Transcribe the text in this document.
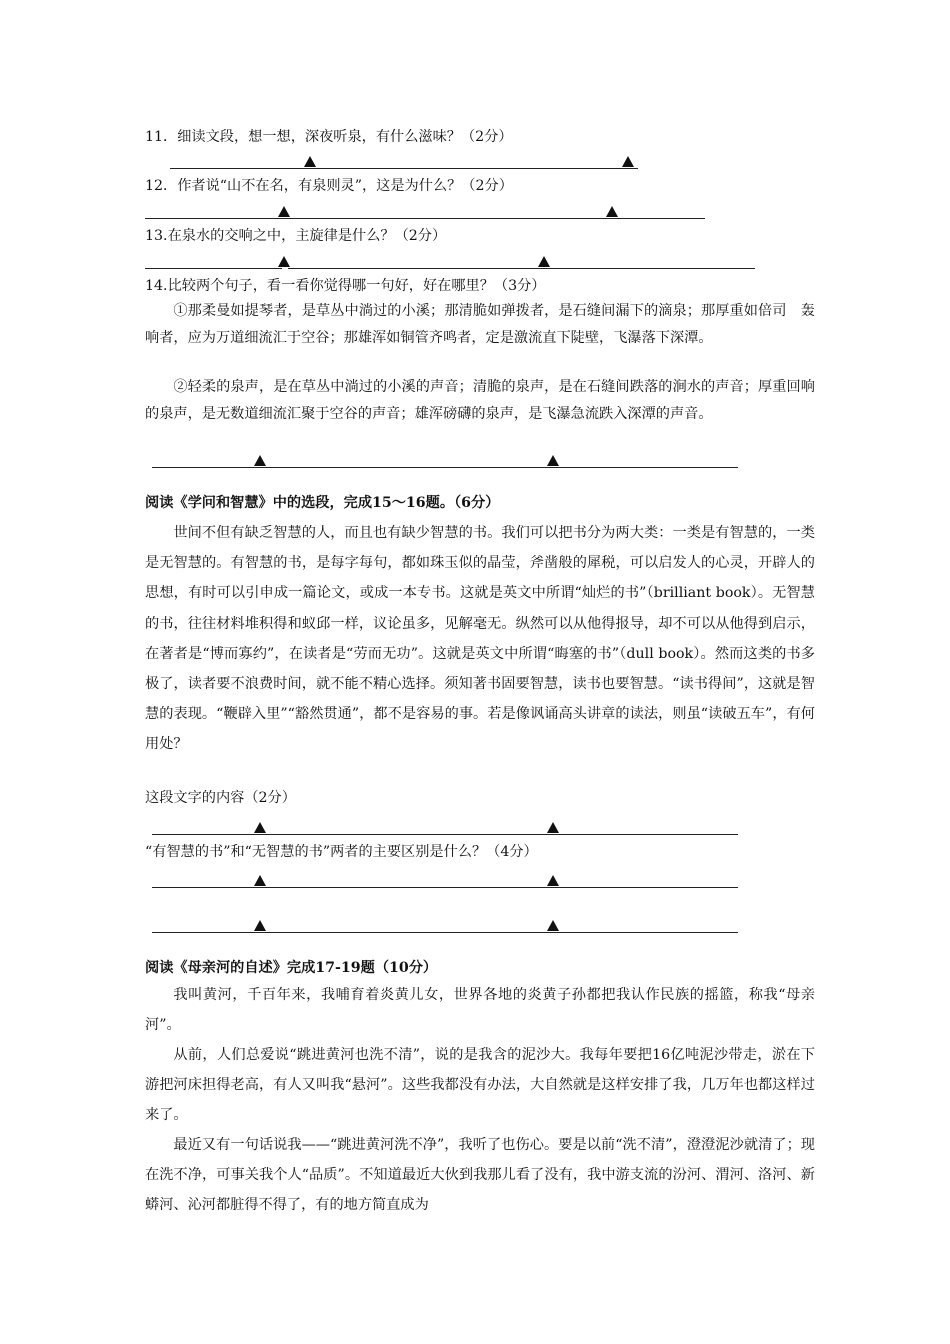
11．细读文段，想一想，深夜听泉，有什么滋味？（2分）
12．作者说“山不在名，有泉则灵”，这是为什么？（2分）
13.在泉水的交响之中，主旋律是什么？（2分）
14.比较两个句子，看一看你觉得哪一句好，好在哪里？（3分）
①那柔曼如提琴者，是草丛中淌过的小溪；那清脆如弹拨者，是石缝间漏下的滴泉；那厚重如倍司　轰响者，应为万道细流汇于空谷；那雄浑如铜管齐鸣者，定是激流直下陡壁，飞瀑落下深潭。
②轻柔的泉声，是在草丛中淌过的小溪的声音；清脆的泉声，是在石缝间跌落的涧水的声音；厚重回响的泉声，是无数道细流汇聚于空谷的声音；雄浑磅礴的泉声，是飞瀑急流跌入深潭的声音。
阅读《学问和智慧》中的选段，完成15～16题。（6分）
世间不但有缺乏智慧的人，而且也有缺少智慧的书。我们可以把书分为两大类：一类是有智慧的，一类是无智慧的。有智慧的书，是每字每句，都如珠玉似的晶莹，斧凿般的犀税，可以启发人的心灵，开辟人的思想，有时可以引申成一篇论文，或成一本专书。这就是英文中所谓“灿烂的书”（brilliant book）。无智慧的书，往往材料堆积得和蚁邱一样，议论虽多，见解毫无。纵然可以从他得报导，却不可以从他得到启示，在著者是“博而寡约”，在读者是“劳而无功”。这就是英文中所谓“晦塞的书”（dull book）。然而这类的书多极了，读者要不浪费时间，就不能不精心选择。须知著书固要智慧，读书也要智慧。“读书得间”，这就是智慧的表现。“鞭辟入里”“豁然贯通”，都不是容易的事。若是像讽诵高头讲章的读法，则虽“读破五车”，有何用处？
这段文字的内容（2分）
“有智慧的书”和“无智慧的书”两者的主要区别是什么？（4分）
阅读《母亲河的自述》完成17-19题（10分）
我叫黄河，千百年来，我哺育着炎黄儿女，世界各地的炎黄子孙都把我认作民族的摇篮，称我“母亲河”。
从前，人们总爱说“跳进黄河也洗不清”，说的是我含的泥沙大。我每年要把16亿吨泥沙带走，淤在下游把河床担得老高，有人又叫我“悬河”。这些我都没有办法，大自然就是这样安排了我，几万年也都这样过来了。
最近又有一句话说我——“跳进黄河洗不净”，我听了也伤心。要是以前“洗不清”，澄澄泥沙就清了；现在洗不净，可事关我个人“品质”。不知道最近大伙到我那儿看了没有，我中游支流的汾河、渭河、洛河、新蟒河、沁河都脏得不得了，有的地方简直成为
